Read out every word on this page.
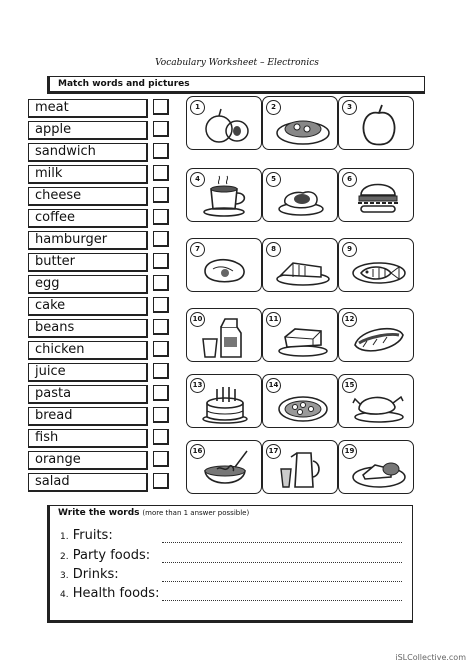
Vocabulary Worksheet – Electronics
Match words and pictures
meat
apple
sandwich
milk
cheese
coffee
hamburger
butter
egg
cake
beans
chicken
juice
pasta
bread
fish
orange
salad
1	2	3
4	5	6
7	8	9
10	11	12
13	14	15
16	17	19
Write the words (more than 1 answer possible)
1. Fruits:
2. Party foods:
3. Drinks:
4. Health foods:
iSLCollective.com
